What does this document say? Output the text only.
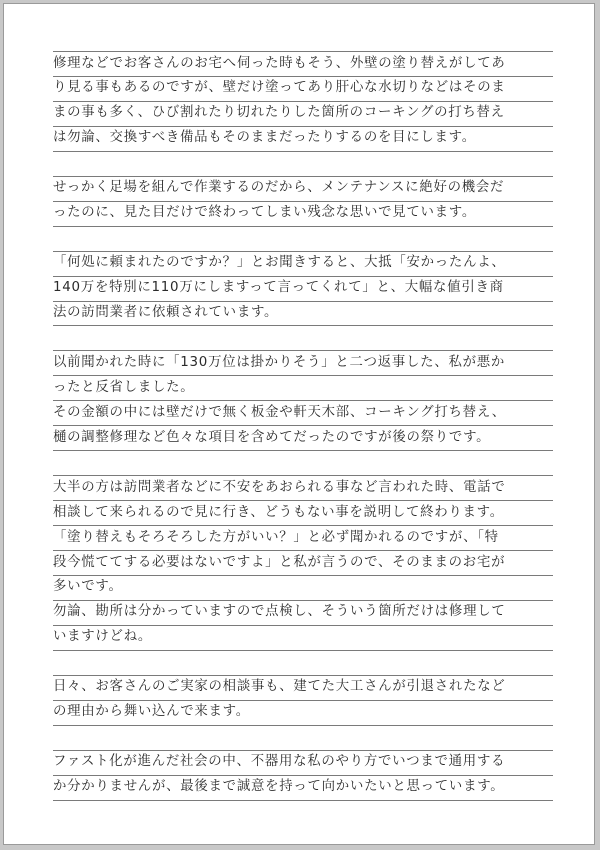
修理などでお客さんのお宅へ伺った時もそう、外壁の塗り替えがしてあ
り見る事もあるのですが、壁だけ塗ってあり肝心な水切りなどはそのま
まの事も多く、ひび割れたり切れたりした箇所のコーキングの打ち替え
は勿論、交換すべき備品もそのままだったりするのを目にします。
せっかく足場を組んで作業するのだから、メンテナンスに絶好の機会だ
ったのに、見た目だけで終わってしまい残念な思いで見ています。
「何処に頼まれたのですか？」とお聞きすると、大抵「安かったんよ、
140万を特別に110万にしますって言ってくれて」と、大幅な値引き商
法の訪問業者に依頼されています。
以前聞かれた時に「130万位は掛かりそう」と二つ返事した、私が悪か
ったと反省しました。
その金額の中には壁だけで無く板金や軒天木部、コーキング打ち替え、
樋の調整修理など色々な項目を含めてだったのですが後の祭りです。
大半の方は訪問業者などに不安をあおられる事など言われた時、電話で
相談して来られるので見に行き、どうもない事を説明して終わります。
「塗り替えもそろそろした方がいい？」と必ず聞かれるのですが、「特
段今慌ててする必要はないですよ」と私が言うので、そのままのお宅が
多いです。
勿論、勘所は分かっていますので点検し、そういう箇所だけは修理して
いますけどね。
日々、お客さんのご実家の相談事も、建てた大工さんが引退されたなど
の理由から舞い込んで来ます。
ファスト化が進んだ社会の中、不器用な私のやり方でいつまで通用する
か分かりませんが、最後まで誠意を持って向かいたいと思っています。
